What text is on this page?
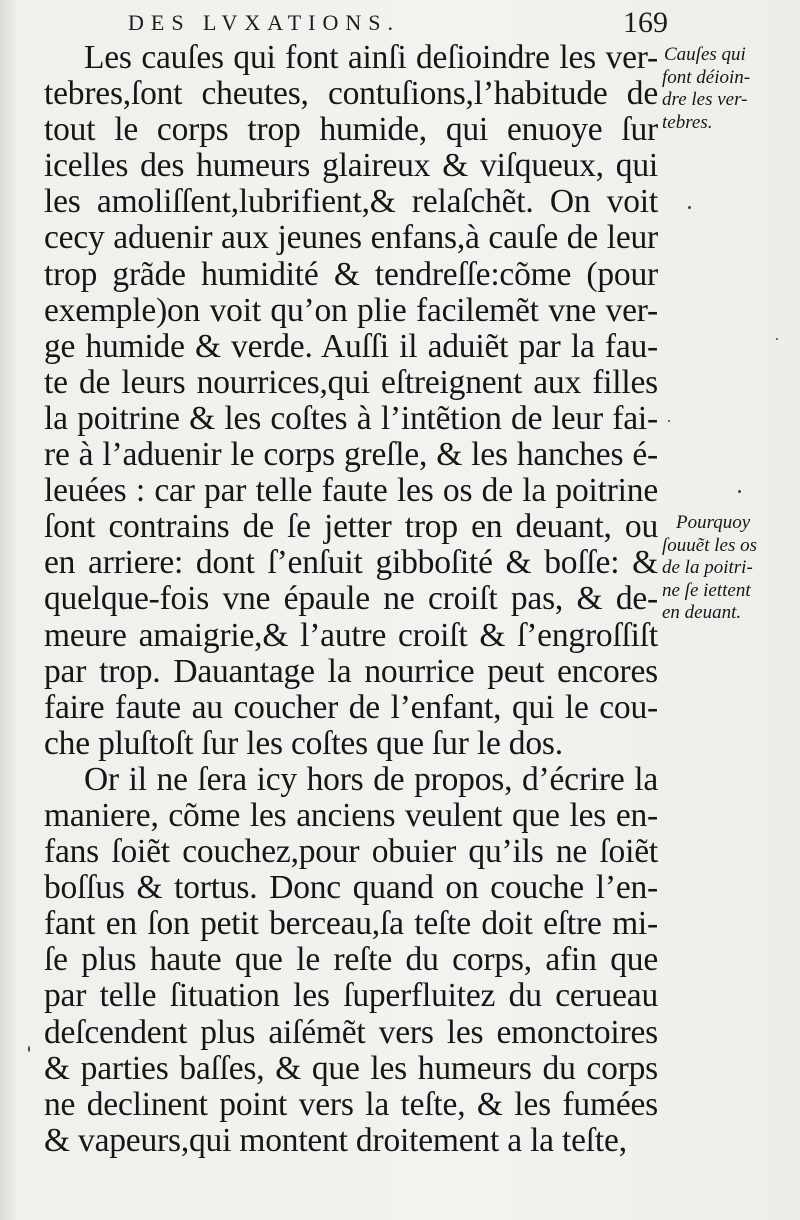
DES LVXATIONS.	169
Les cauſes qui font ainſi deſioindre les ver-
tebres,ſont cheutes, contuſions,l’habitude de
tout le corps trop humide, qui enuoye ſur
icelles des humeurs glaireux & viſqueux, qui
les amoliſſent,lubrifient,& relaſchẽt. On voit
cecy aduenir aux jeunes enfans,à cauſe de leur
trop grãde humidité & tendreſſe:cõme (pour
exemple)on voit qu’on plie facilemẽt vne ver-
ge humide & verde. Auſſi il aduiẽt par la fau-
te de leurs nourrices,qui eſtreignent aux filles
la poitrine & les coſtes à l’intẽtion de leur fai-
re à l’aduenir le corps greſle, & les hanches é-
leuées : car par telle faute les os de la poitrine
ſont contrains de ſe jetter trop en deuant, ou
en arriere: dont ſ’enſuit gibboſité & boſſe: &
quelque-fois vne épaule ne croiſt pas, & de-
meure amaigrie,& l’autre croiſt & ſ’engroſſiſt
par trop. Dauantage la nourrice peut encores
faire faute au coucher de l’enfant, qui le cou-
che pluſtoſt ſur les coſtes que ſur le dos.
Or il ne ſera icy hors de propos, d’écrire la
maniere, cõme les anciens veulent que les en-
fans ſoiẽt couchez,pour obuier qu’ils ne ſoiẽt
boſſus & tortus. Donc quand on couche l’en-
fant en ſon petit berceau,ſa teſte doit eſtre mi-
ſe plus haute que le reſte du corps, afin que
par telle ſituation les ſuperfluitez du cerueau
deſcendent plus aiſémẽt vers les emonctoires
& parties baſſes, & que les humeurs du corps
ne declinent point vers la teſte, & les fumées
& vapeurs,qui montent droitement a la teſte,
Cauſes qui
font déioin-
dre les ver-
tebres.
Pourquoy
ſouuẽt les os
de la poitri-
ne ſe iettent
en deuant.
